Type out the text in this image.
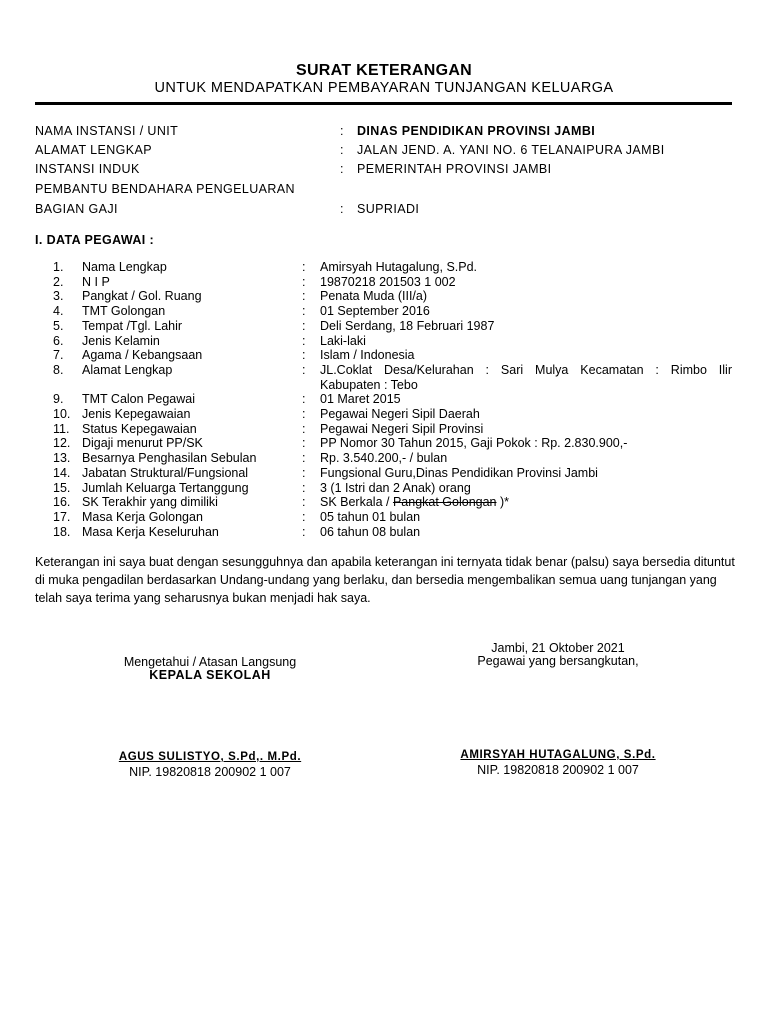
SURAT KETERANGAN
UNTUK MENDAPATKAN PEMBAYARAN TUNJANGAN KELUARGA
NAMA INSTANSI / UNIT	: DINAS PENDIDIKAN PROVINSI JAMBI
ALAMAT LENGKAP	: JALAN JEND. A. YANI NO. 6 TELANAIPURA JAMBI
INSTANSI INDUK	: PEMERINTAH PROVINSI JAMBI
PEMBANTU BENDAHARA PENGELUARAN
BAGIAN GAJI	: SUPRIADI
I. DATA PEGAWAI :
1. Nama Lengkap	: Amirsyah Hutagalung, S.Pd.
2. N I P	: 19870218 201503 1 002
3. Pangkat / Gol. Ruang	: Penata Muda (III/a)
4. TMT Golongan	: 01 September 2016
5. Tempat /Tgl. Lahir	: Deli Serdang, 18 Februari 1987
6. Jenis Kelamin	: Laki-laki
7. Agama / Kebangsaan	: Islam / Indonesia
8. Alamat Lengkap	: JL.Coklat Desa/Kelurahan : Sari Mulya Kecamatan : Rimbo Ilir
Kabupaten : Tebo
9. TMT Calon Pegawai	: 01 Maret 2015
10. Jenis Kepegawaian	: Pegawai Negeri Sipil Daerah
11. Status Kepegawaian	: Pegawai Negeri Sipil Provinsi
12. Digaji menurut PP/SK	: PP Nomor 30 Tahun 2015, Gaji Pokok : Rp. 2.830.900,-
13. Besarnya Penghasilan Sebulan	: Rp. 3.540.200,- / bulan
14. Jabatan Struktural/Fungsional	: Fungsional Guru,Dinas Pendidikan Provinsi Jambi
15. Jumlah Keluarga Tertanggung	: 3 (1 Istri dan 2 Anak) orang
16. SK Terakhir yang dimiliki	: SK Berkala / Pangkat Golongan )*
17. Masa Kerja Golongan	: 05 tahun 01 bulan
18. Masa Kerja Keseluruhan	: 06 tahun 08 bulan
Keterangan ini saya buat dengan sesungguhnya dan apabila keterangan ini ternyata tidak benar (palsu) saya bersedia dituntut di muka pengadilan berdasarkan Undang-undang yang berlaku, dan bersedia mengembalikan semua uang tunjangan yang telah saya terima yang seharusnya bukan menjadi hak saya.
Mengetahui / Atasan Langsung
KEPALA SEKOLAH
AGUS SULISTYO, S.Pd,. M.Pd.
NIP. 19820818 200902 1 007
Jambi, 21 Oktober 2021
Pegawai yang bersangkutan,
AMIRSYAH HUTAGALUNG, S.Pd.
NIP. 19820818 200902 1 007
